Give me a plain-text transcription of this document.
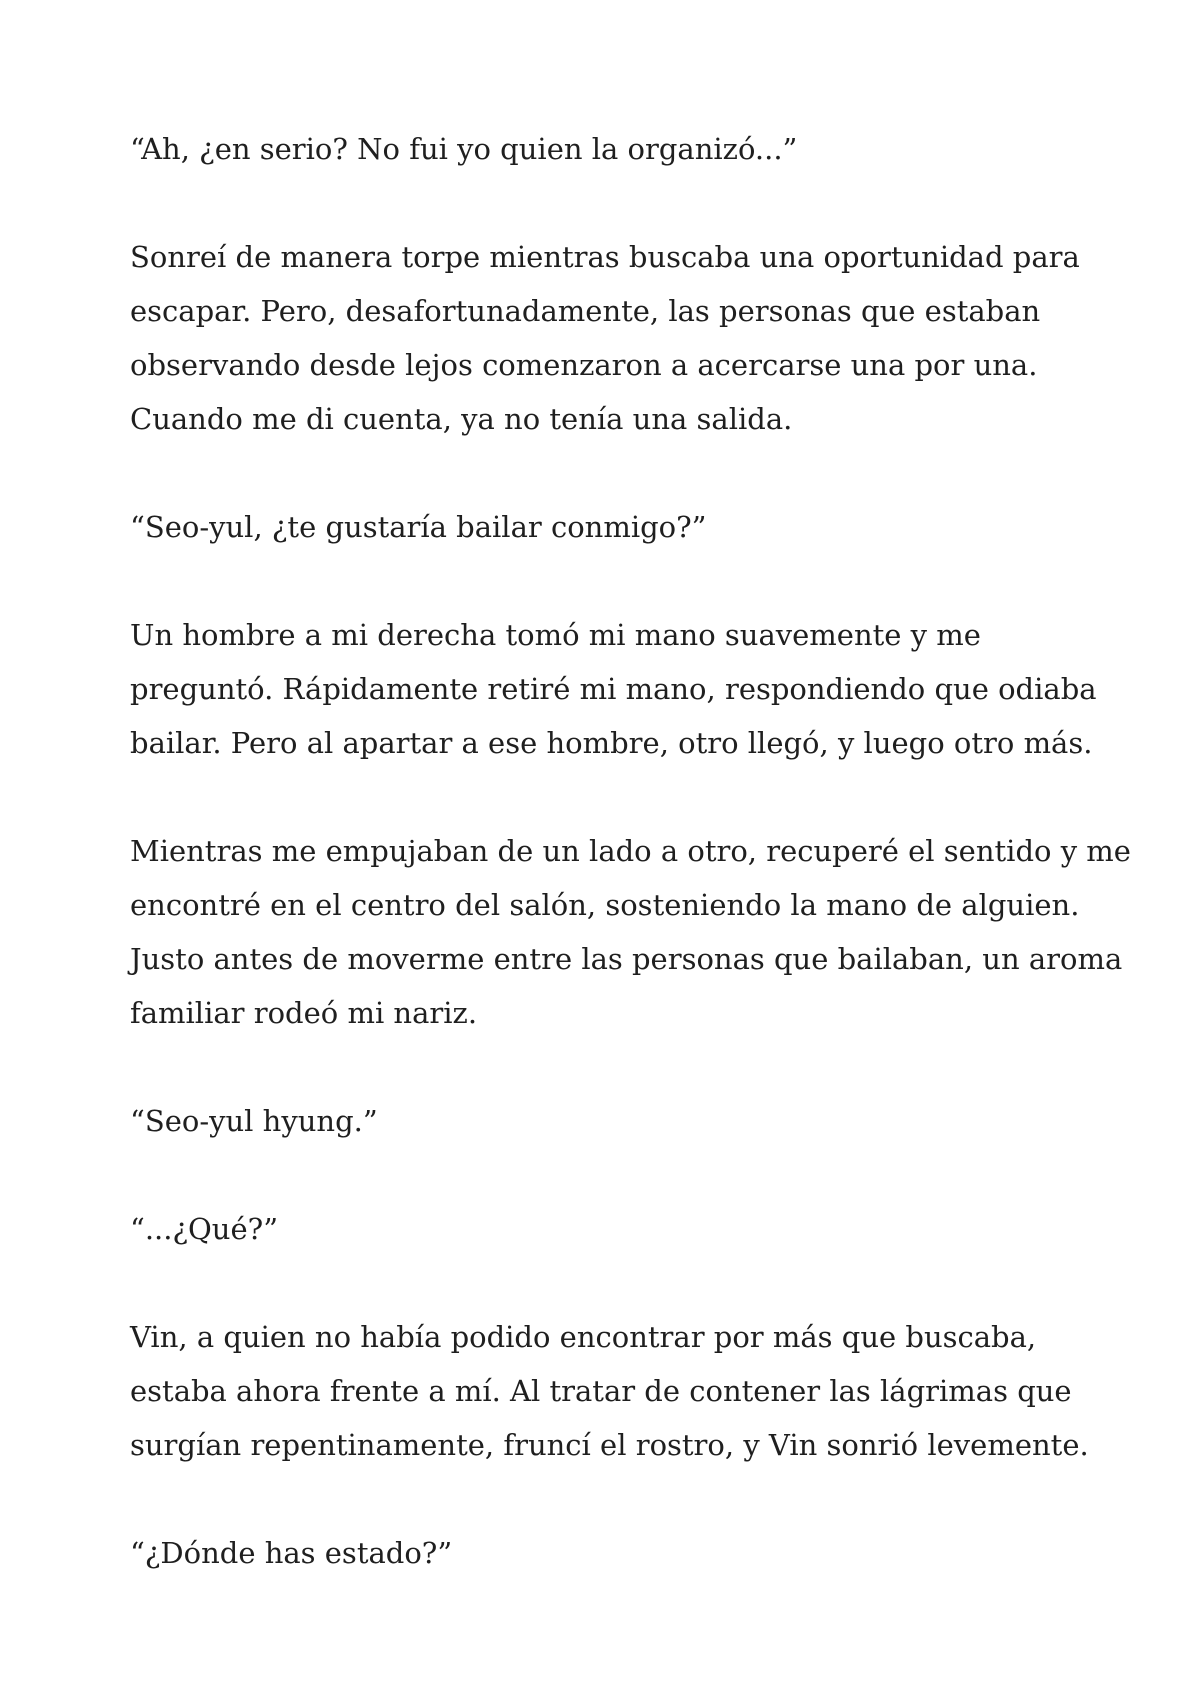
“Ah, ¿en serio? No fui yo quien la organizó...”

Sonreí de manera torpe mientras buscaba una oportunidad para
escapar. Pero, desafortunadamente, las personas que estaban
observando desde lejos comenzaron a acercarse una por una.
Cuando me di cuenta, ya no tenía una salida.

“Seo-yul, ¿te gustaría bailar conmigo?”

Un hombre a mi derecha tomó mi mano suavemente y me
preguntó. Rápidamente retiré mi mano, respondiendo que odiaba
bailar. Pero al apartar a ese hombre, otro llegó, y luego otro más.

Mientras me empujaban de un lado a otro, recuperé el sentido y me
encontré en el centro del salón, sosteniendo la mano de alguien.
Justo antes de moverme entre las personas que bailaban, un aroma
familiar rodeó mi nariz.

“Seo-yul hyung.”

“...¿Qué?”

Vin, a quien no había podido encontrar por más que buscaba,
estaba ahora frente a mí. Al tratar de contener las lágrimas que
surgían repentinamente, fruncí el rostro, y Vin sonrió levemente.

“¿Dónde has estado?”
